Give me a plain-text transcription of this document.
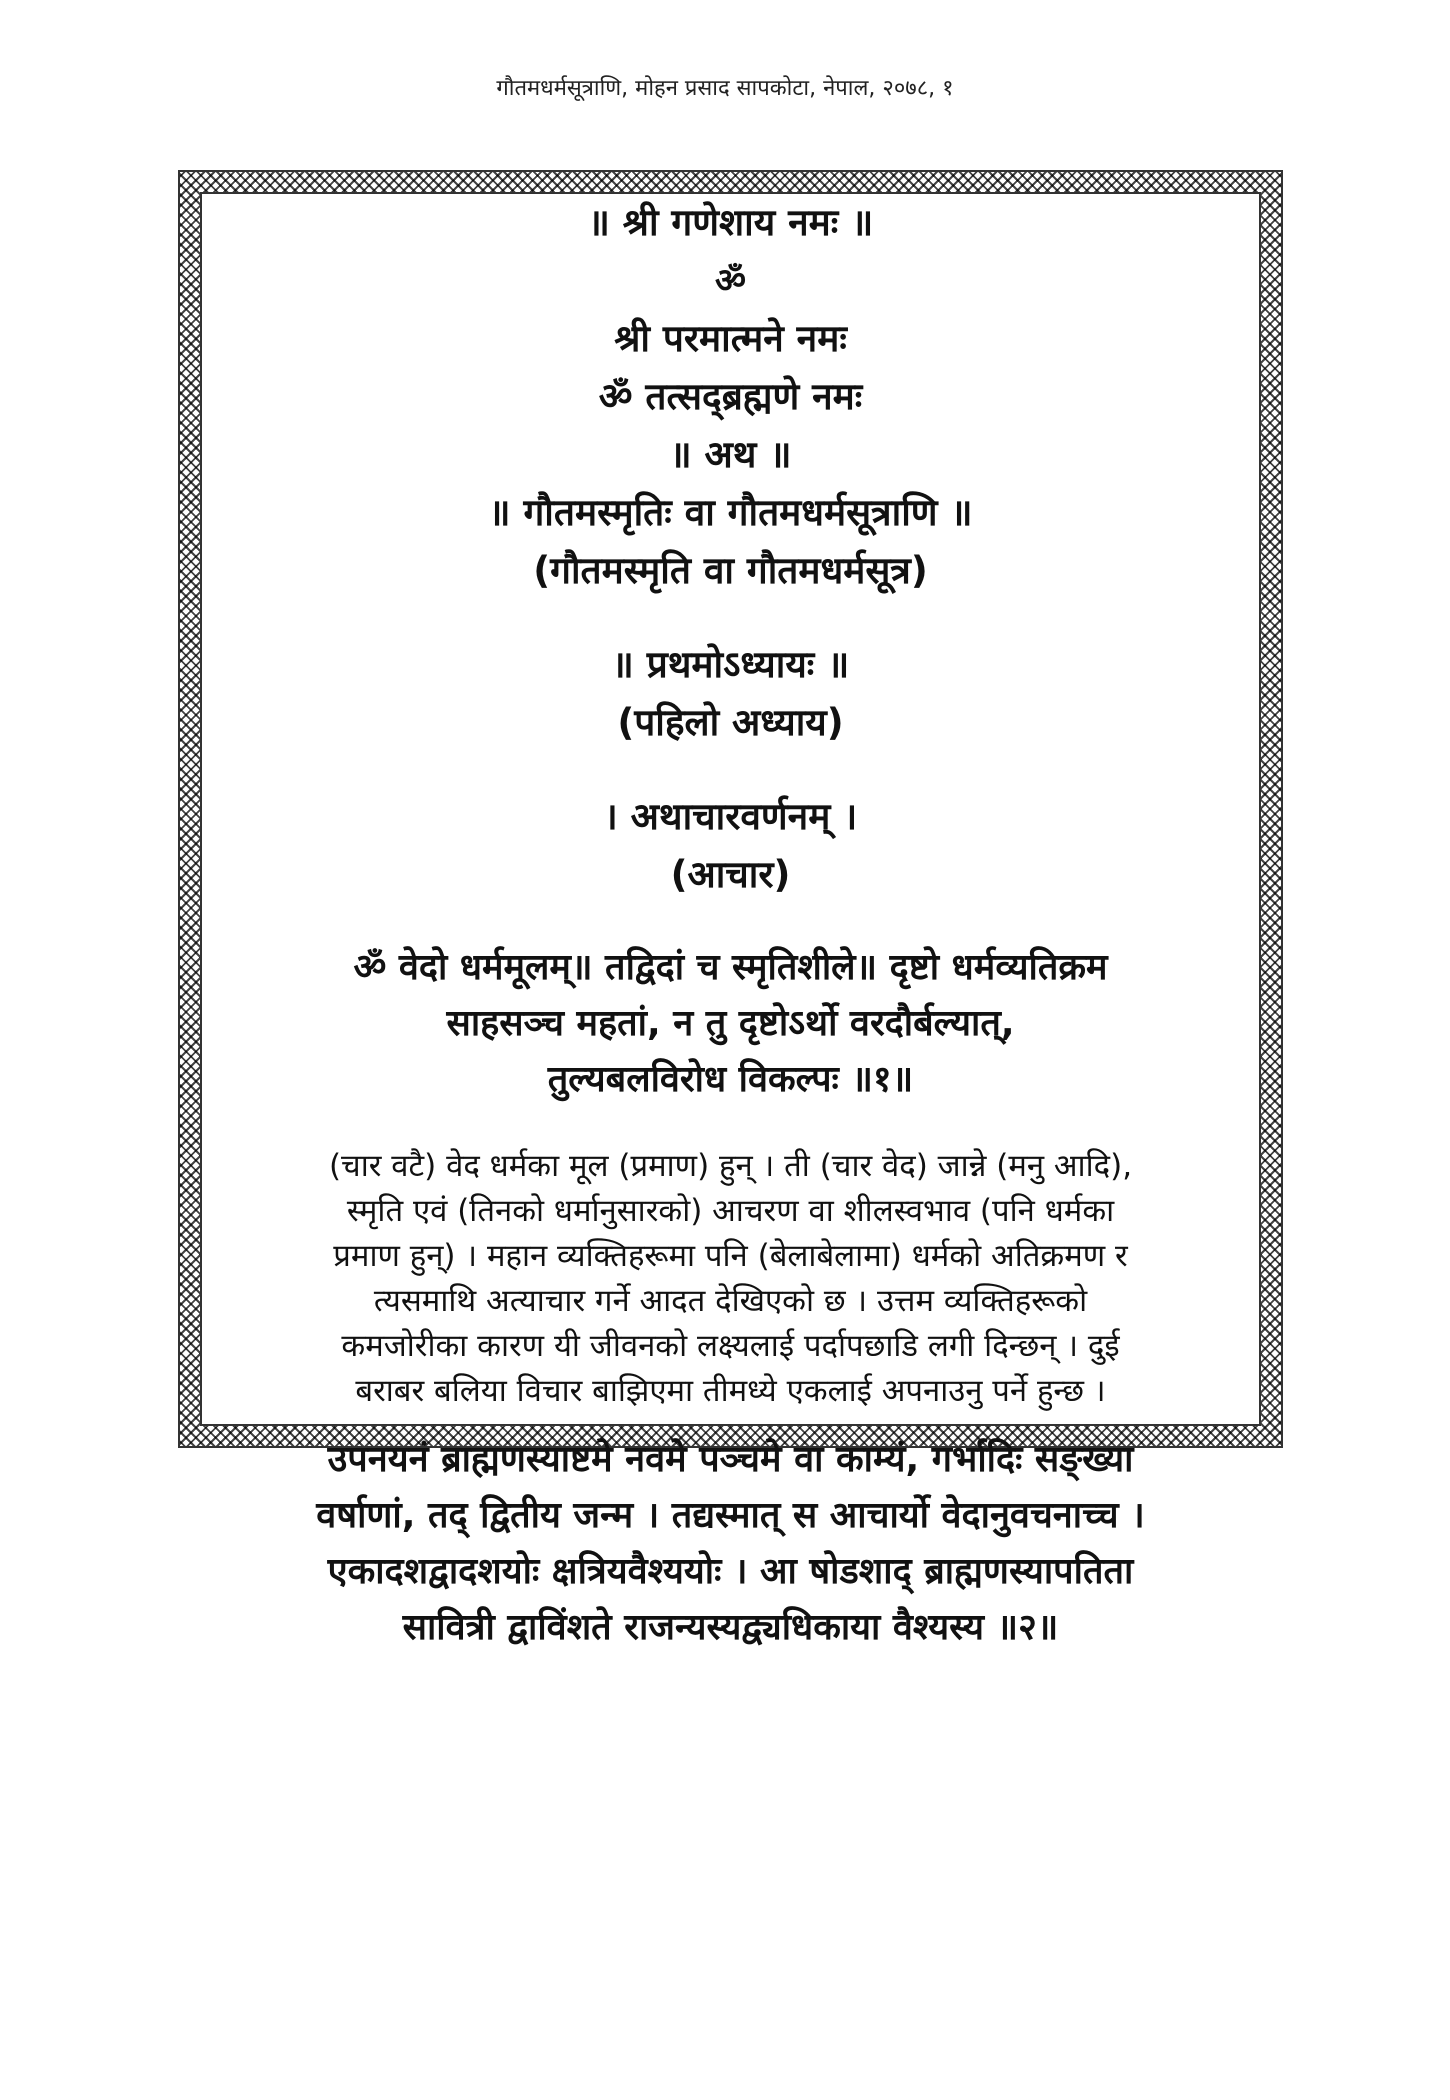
गौतमधर्मसूत्राणि, मोहन प्रसाद सापकोटा, नेपाल, २०७८, १
॥ श्री गणेशाय नमः ॥
ॐ
श्री परमात्मने नमः
ॐ तत्सद्ब्रह्मणे नमः
॥ अथ ॥
॥ गौतमस्मृतिः वा गौतमधर्मसूत्राणि ॥
(गौतमस्मृति वा गौतमधर्मसूत्र)
॥ प्रथमोऽध्यायः ॥
(पहिलो अध्याय)
। अथाचारवर्णनम् ।
(आचार)
ॐ वेदो धर्ममूलम्॥ तद्विदां च स्मृतिशीले॥ दृष्टो धर्मव्यतिक्रम
साहसञ्च महतां, न तु दृष्टोऽर्थो वरदौर्बल्यात्,
तुल्यबलविरोध विकल्पः ॥१॥
(चार वटै) वेद धर्मका मूल (प्रमाण) हुन् । ती (चार वेद) जान्ने (मनु आदि),
स्मृति एवं (तिनको धर्मानुसारको) आचरण वा शीलस्वभाव (पनि धर्मका
प्रमाण हुन्) । महान व्यक्तिहरूमा पनि (बेलाबेलामा) धर्मको अतिक्रमण र
त्यसमाथि अत्याचार गर्ने आदत देखिएको छ । उत्तम व्यक्तिहरूको
कमजोरीका कारण यी जीवनको लक्ष्यलाई पर्दापछाडि लगी दिन्छन् । दुई
बराबर बलिया विचार बाझिएमा तीमध्ये एकलाई अपनाउनु पर्ने हुन्छ ।
उपनयनं ब्राह्मणस्याष्टमे नवमे पञ्चमे वा काम्यं, गर्भादिः सङ्ख्या
वर्षाणां, तद् द्वितीय जन्म । तद्यस्मात् स आचार्यो वेदानुवचनाच्च ।
एकादशद्वादशयोः क्षत्रियवैश्ययोः । आ षोडशाद् ब्राह्मणस्यापतिता
सावित्री द्वाविंशते राजन्यस्यद्व्यधिकाया वैश्यस्य ॥२॥
